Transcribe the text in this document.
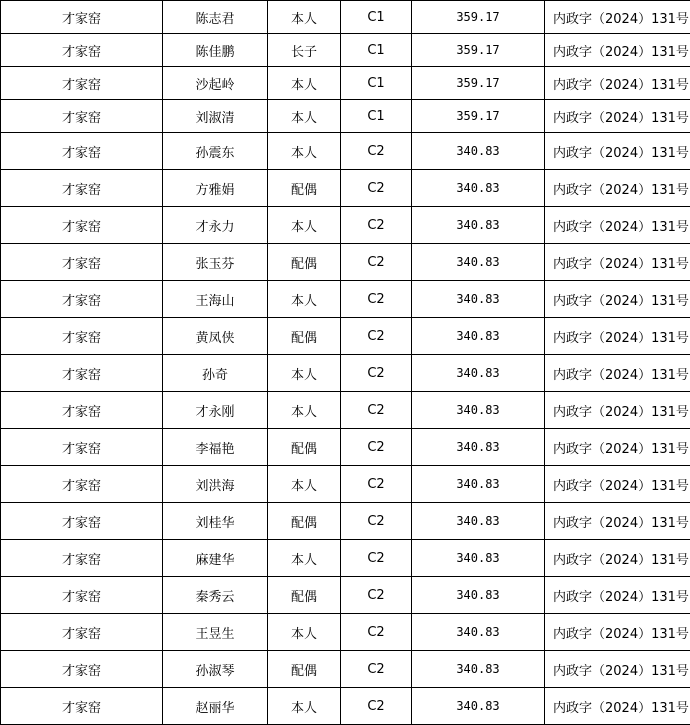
才家窑	陈志君	本人	C1	359.17	内政字（2024）131号
才家窑	陈佳鹏	长子	C1	359.17	内政字（2024）131号
才家窑	沙起岭	本人	C1	359.17	内政字（2024）131号
才家窑	刘淑清	本人	C1	359.17	内政字（2024）131号
才家窑	孙震东	本人	C2	340.83	内政字（2024）131号
才家窑	方雅娟	配偶	C2	340.83	内政字（2024）131号
才家窑	才永力	本人	C2	340.83	内政字（2024）131号
才家窑	张玉芬	配偶	C2	340.83	内政字（2024）131号
才家窑	王海山	本人	C2	340.83	内政字（2024）131号
才家窑	黄凤侠	配偶	C2	340.83	内政字（2024）131号
才家窑	孙奇	本人	C2	340.83	内政字（2024）131号
才家窑	才永刚	本人	C2	340.83	内政字（2024）131号
才家窑	李福艳	配偶	C2	340.83	内政字（2024）131号
才家窑	刘洪海	本人	C2	340.83	内政字（2024）131号
才家窑	刘桂华	配偶	C2	340.83	内政字（2024）131号
才家窑	麻建华	本人	C2	340.83	内政字（2024）131号
才家窑	秦秀云	配偶	C2	340.83	内政字（2024）131号
才家窑	王昱生	本人	C2	340.83	内政字（2024）131号
才家窑	孙淑琴	配偶	C2	340.83	内政字（2024）131号
才家窑	赵丽华	本人	C2	340.83	内政字（2024）131号
